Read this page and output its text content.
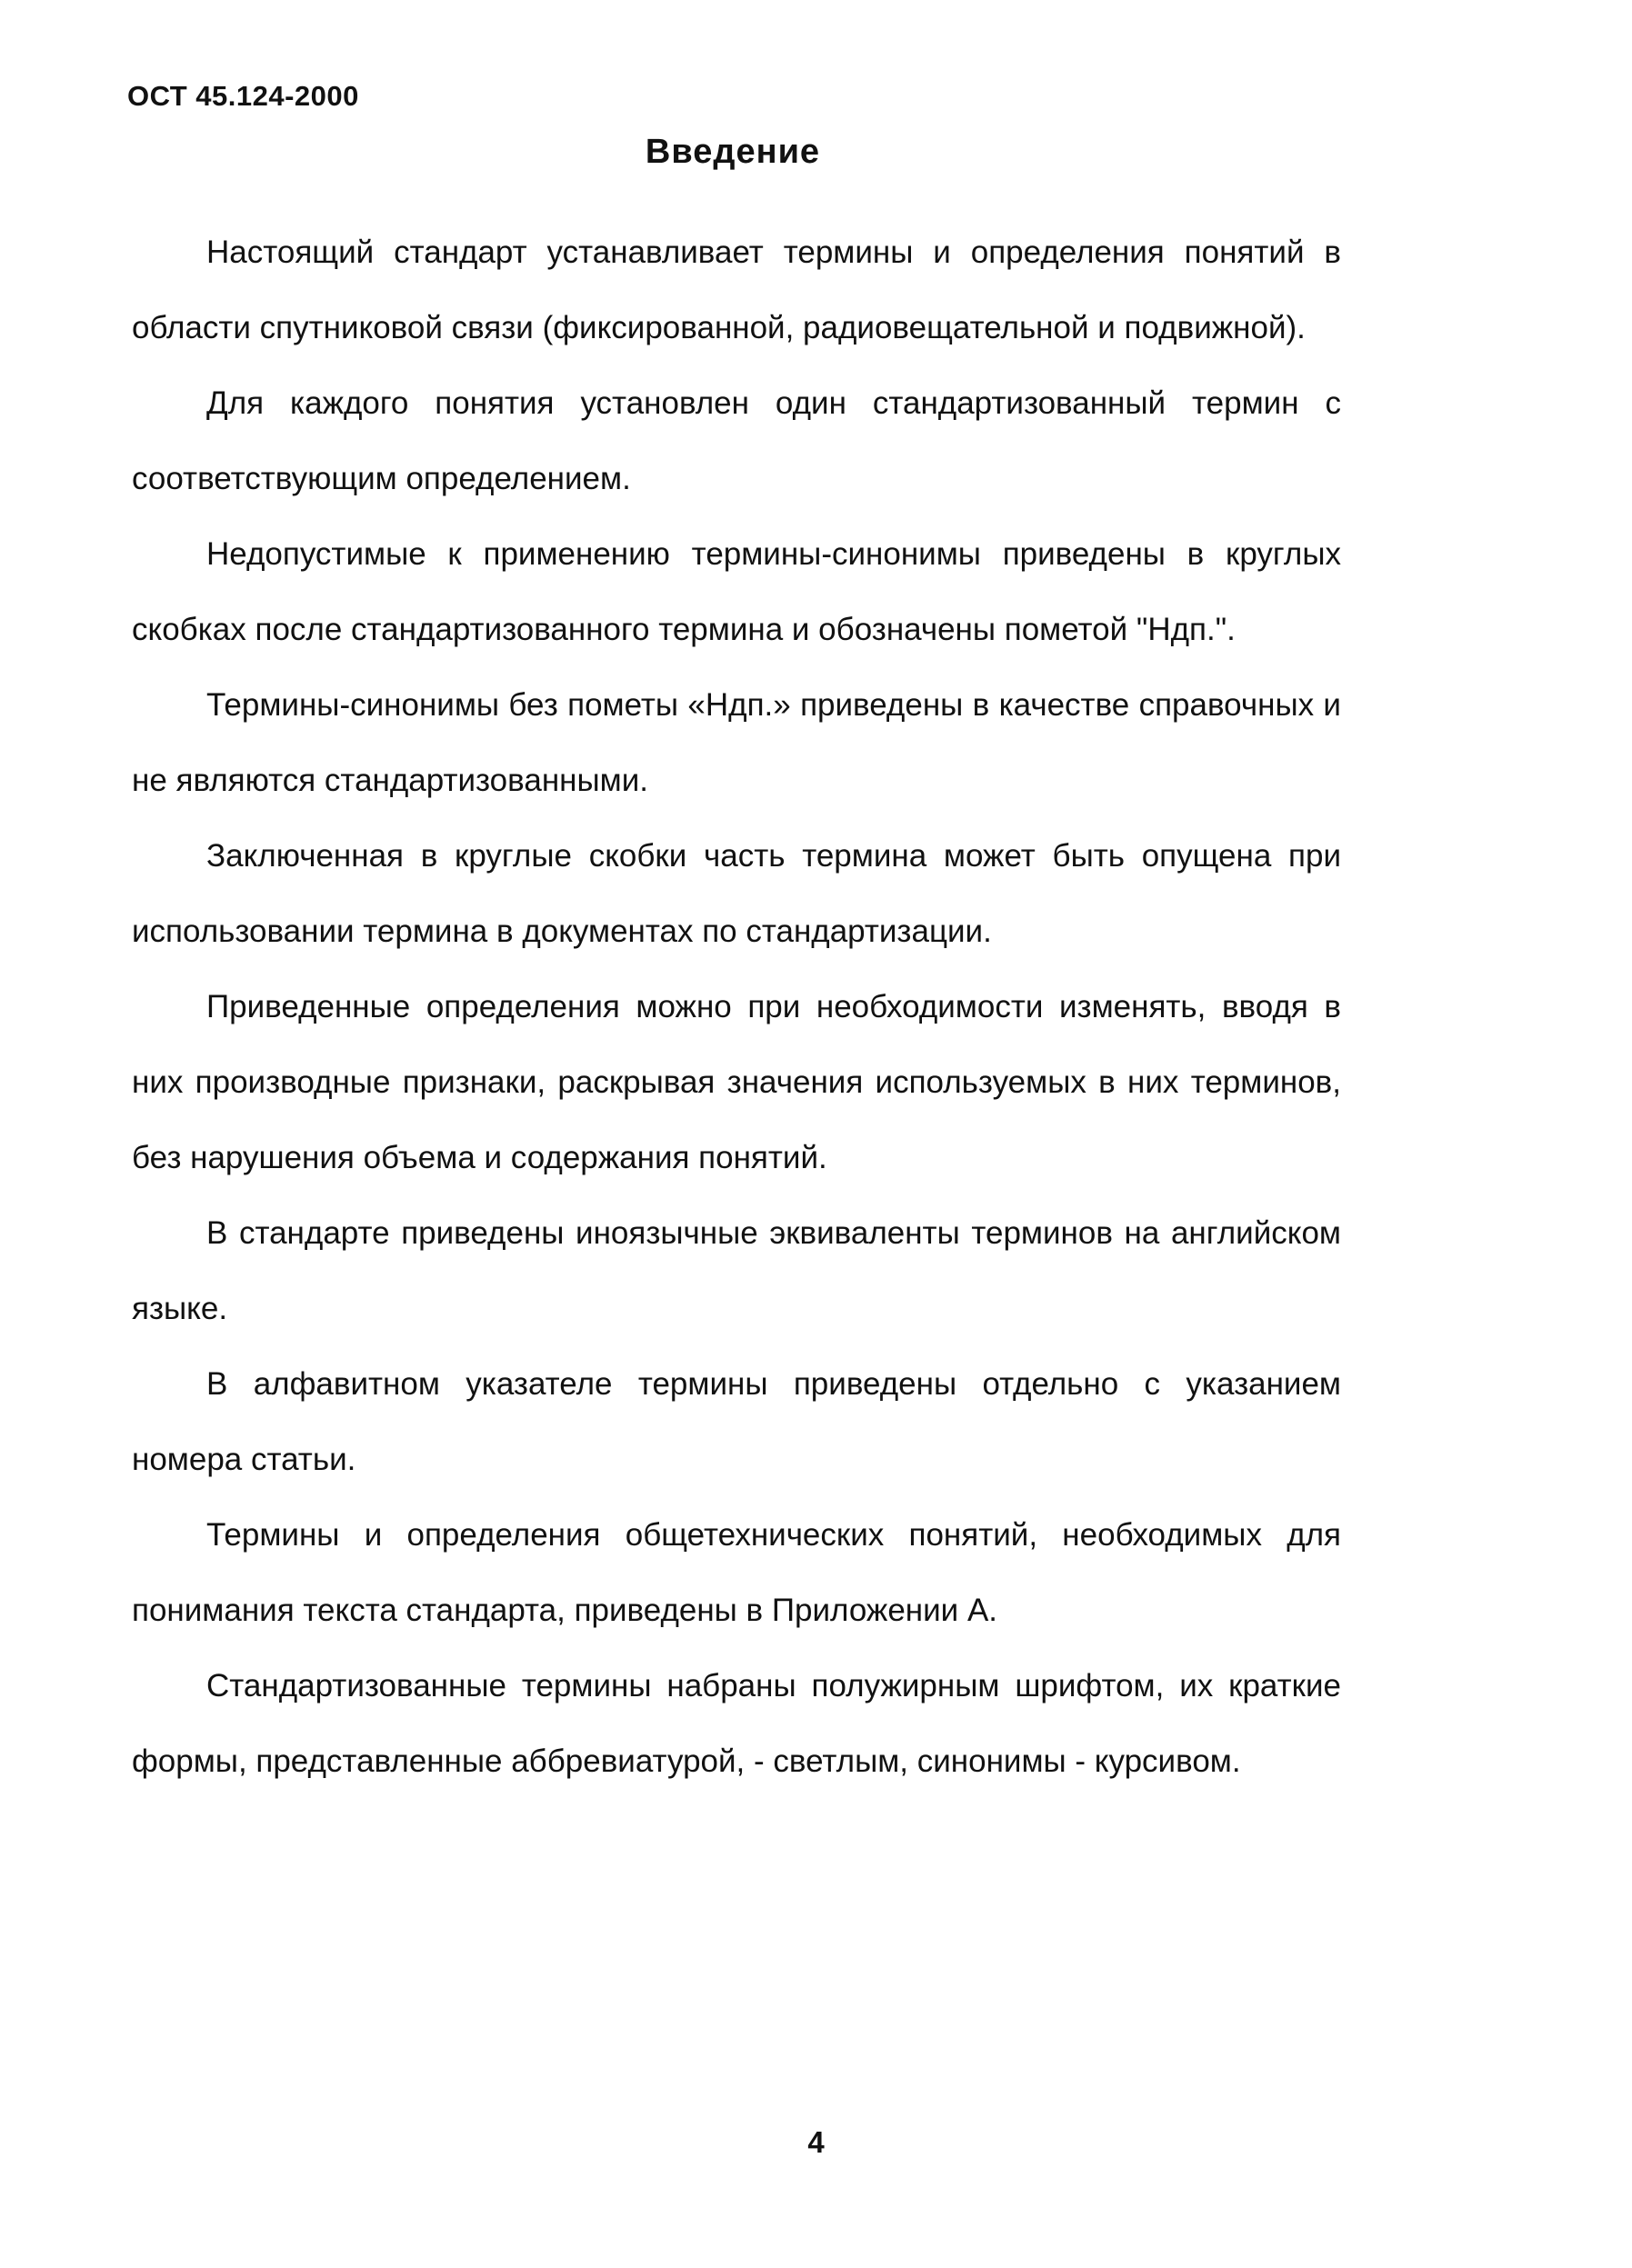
ОСТ 45.124-2000
Введение

Настоящий стандарт устанавливает термины и определения понятий в области спутниковой связи (фиксированной, радиовещательной и подвижной).

Для каждого понятия установлен один стандартизованный термин с соответствующим определением.

Недопустимые к применению термины-синонимы приведены в круглых скобках после стандартизованного термина и обозначены пометой "Ндп.".

Термины-синонимы без пометы «Ндп.» приведены в качестве справочных и не являются стандартизованными.

Заключенная в круглые скобки часть термина может быть опущена при использовании термина в документах по стандартизации.

Приведенные определения можно при необходимости изменять, вводя в них производные признаки, раскрывая значения используемых в них терминов, без нарушения объема и содержания понятий.

В стандарте приведены иноязычные эквиваленты терминов на английском языке.

В алфавитном указателе термины приведены отдельно с указанием номера статьи.

Термины и определения общетехнических понятий, необходимых для понимания текста стандарта, приведены в Приложении А.

Стандартизованные термины набраны полужирным шрифтом, их краткие формы, представленные аббревиатурой, - светлым, синонимы - курсивом.

4
